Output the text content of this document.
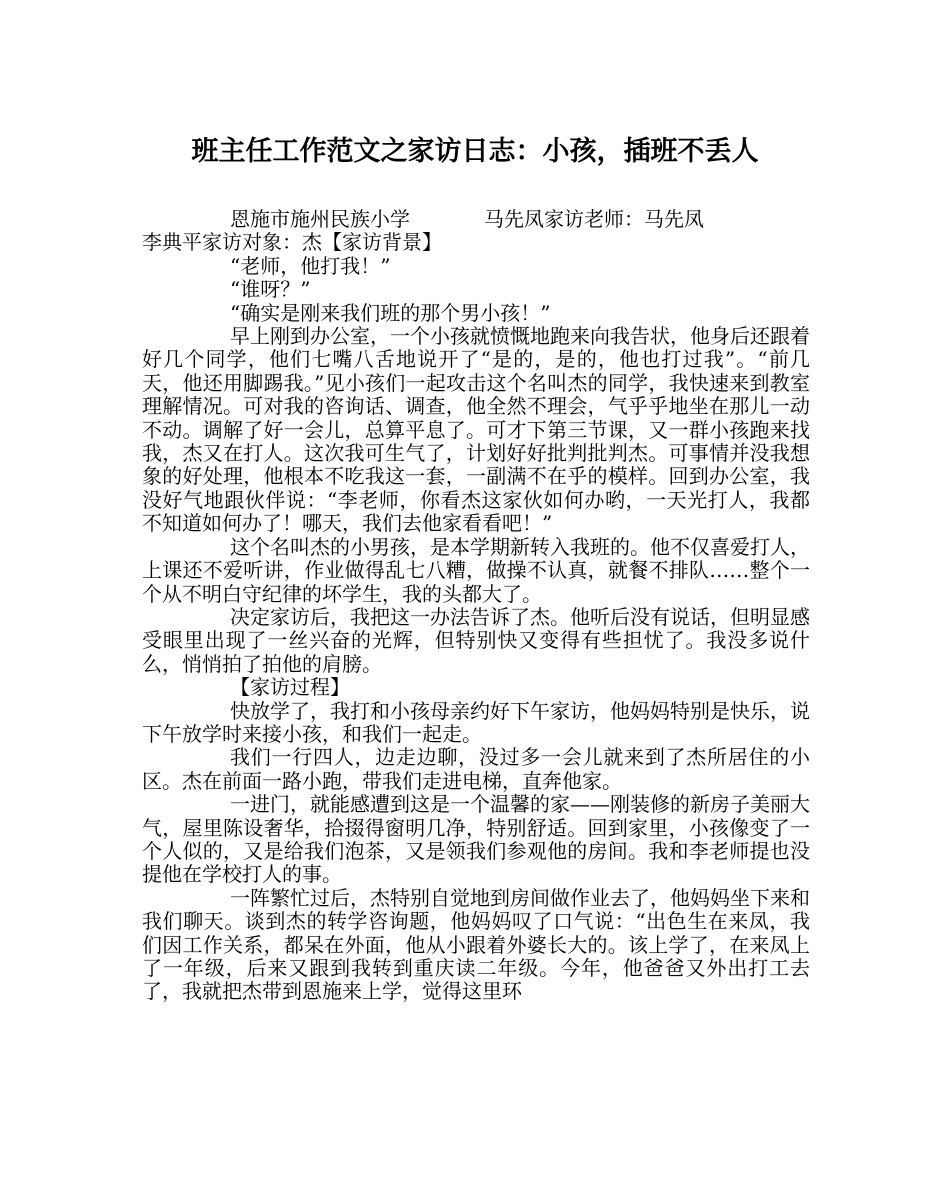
班主任工作范文之家访日志：小孩，插班不丢人

恩施市施州民族小学	马先凤家访老师：马先凤

李典平家访对象：杰【家访背景】

“老师，他打我！”

“谁呀？”

“确实是刚来我们班的那个男小孩！”

早上刚到办公室，一个小孩就愤慨地跑来向我告状，他身后还跟着好几个同学，他们七嘴八舌地说开了“是的，是的，他也打过我”。“前几天，他还用脚踢我。”见小孩们一起攻击这个名叫杰的同学，我快速来到教室理解情况。可对我的咨询话、调查，他全然不理会，气乎乎地坐在那儿一动不动。调解了好一会儿，总算平息了。可才下第三节课，又一群小孩跑来找我，杰又在打人。这次我可生气了，计划好好批判批判杰。可事情并没我想象的好处理，他根本不吃我这一套，一副满不在乎的模样。回到办公室，我没好气地跟伙伴说：“李老师，你看杰这家伙如何办哟，一天光打人，我都不知道如何办了！哪天，我们去他家看看吧！”

这个名叫杰的小男孩，是本学期新转入我班的。他不仅喜爱打人，上课还不爱听讲，作业做得乱七八糟，做操不认真，就餐不排队……整个一个从不明白守纪律的坏学生，我的头都大了。

决定家访后，我把这一办法告诉了杰。他听后没有说话，但明显感受眼里出现了一丝兴奋的光辉，但特别快又变得有些担忧了。我没多说什么，悄悄拍了拍他的肩膀。

【家访过程】

快放学了，我打和小孩母亲约好下午家访，他妈妈特别是快乐，说下午放学时来接小孩，和我们一起走。

我们一行四人，边走边聊，没过多一会儿就来到了杰所居住的小区。杰在前面一路小跑，带我们走进电梯，直奔他家。

一进门，就能感遭到这是一个温馨的家——刚装修的新房子美丽大气，屋里陈设奢华，拾掇得窗明几净，特别舒适。回到家里，小孩像变了一个人似的，又是给我们泡茶，又是领我们参观他的房间。我和李老师提也没提他在学校打人的事。

一阵繁忙过后，杰特别自觉地到房间做作业去了，他妈妈坐下来和我们聊天。谈到杰的转学咨询题，他妈妈叹了口气说：“出色生在来凤，我们因工作关系，都呆在外面，他从小跟着外婆长大的。该上学了，在来凤上了一年级，后来又跟到我转到重庆读二年级。今年，他爸爸又外出打工去了，我就把杰带到恩施来上学，觉得这里环
